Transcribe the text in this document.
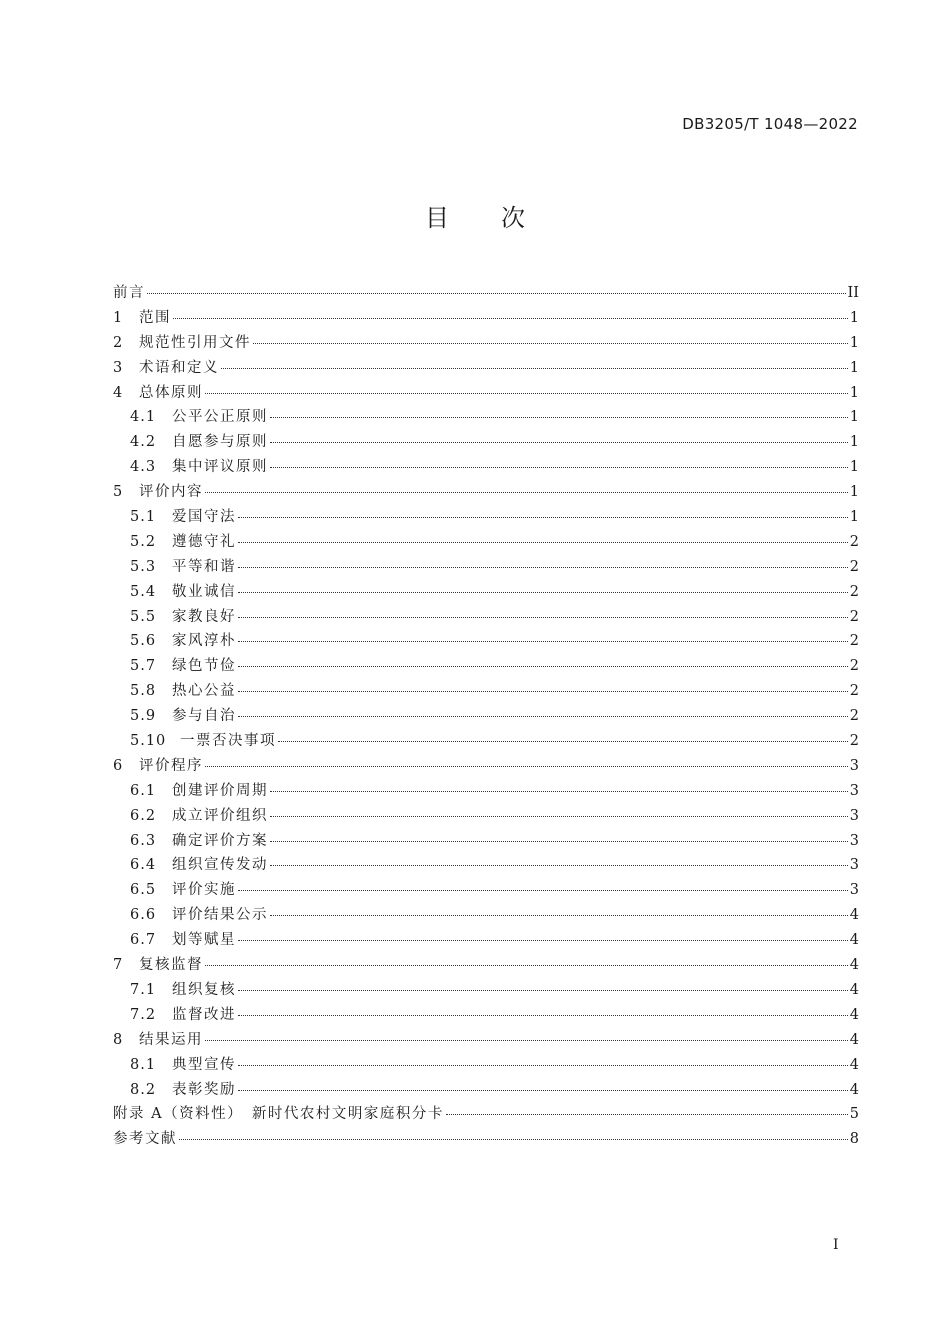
DB3205/T 1048—2022
目 次
前言	II
1	范围	1
2	规范性引用文件	1
3	术语和定义	1
4	总体原则	1
4.1	公平公正原则	1
4.2	自愿参与原则	1
4.3	集中评议原则	1
5	评价内容	1
5.1	爱国守法	1
5.2	遵德守礼	2
5.3	平等和谐	2
5.4	敬业诚信	2
5.5	家教良好	2
5.6	家风淳朴	2
5.7	绿色节俭	2
5.8	热心公益	2
5.9	参与自治	2
5.10 一票否决事项	2
6	评价程序	3
6.1	创建评价周期	3
6.2	成立评价组织	3
6.3	确定评价方案	3
6.4	组织宣传发动	3
6.5	评价实施	3
6.6	评价结果公示	4
6.7	划等赋星	4
7	复核监督	4
7.1	组织复核	4
7.2	监督改进	4
8	结果运用	4
8.1	典型宣传	4
8.2	表彰奖励	4
附录 A（资料性）　新时代农村文明家庭积分卡	5
参考文献	8
I
